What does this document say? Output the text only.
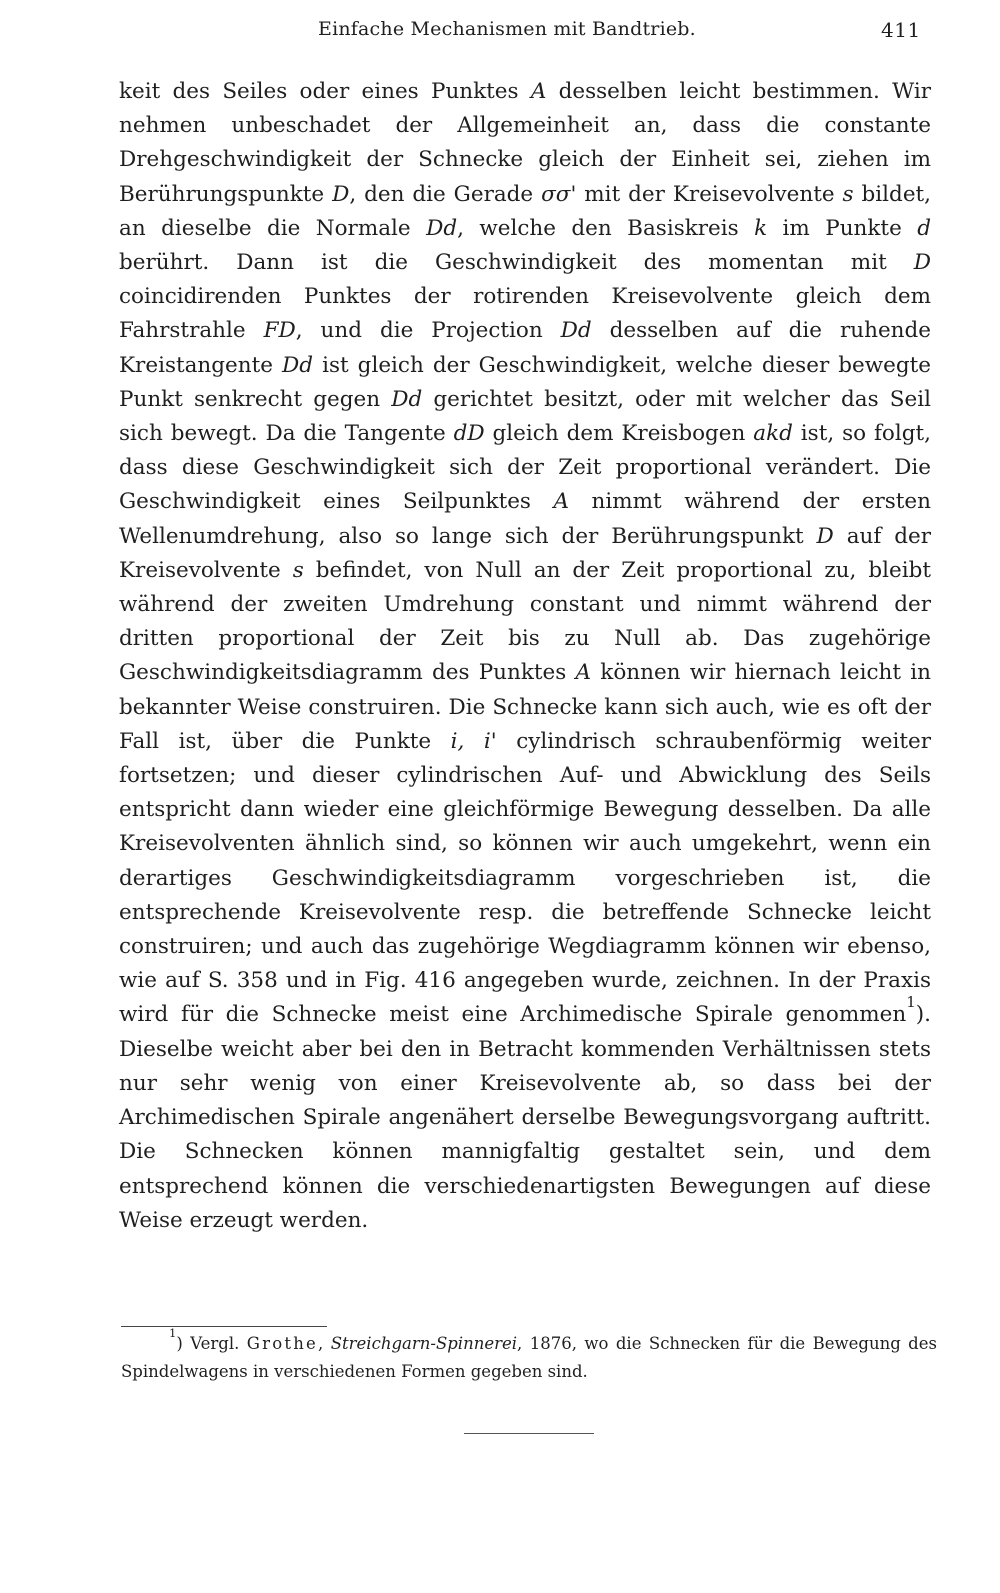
Einfache Mechanismen mit Bandtrieb.	411

keit des Seiles oder eines Punktes A desselben leicht bestimmen. Wir nehmen unbeschadet der Allgemeinheit an, dass die constante Drehgeschwindigkeit der Schnecke gleich der Einheit sei, ziehen im Berührungspunkte D, den die Gerade σσ' mit der Kreisevolvente s bildet, an dieselbe die Normale Dd, welche den Basiskreis k im Punkte d berührt. Dann ist die Geschwindigkeit des momentan mit D coincidirenden Punktes der rotirenden Kreisevolvente gleich dem Fahrstrahle FD, und die Projection Dd desselben auf die ruhende Kreistangente Dd ist gleich der Geschwindigkeit, welche dieser bewegte Punkt senkrecht gegen Dd gerichtet besitzt, oder mit welcher das Seil sich bewegt. Da die Tangente dD gleich dem Kreisbogen akd ist, so folgt, dass diese Geschwindigkeit sich der Zeit proportional verändert. Die Geschwindigkeit eines Seilpunktes A nimmt während der ersten Wellenumdrehung, also so lange sich der Berührungspunkt D auf der Kreisevolvente s befindet, von Null an der Zeit proportional zu, bleibt während der zweiten Umdrehung constant und nimmt während der dritten proportional der Zeit bis zu Null ab. Das zugehörige Geschwindigkeitsdiagramm des Punktes A können wir hiernach leicht in bekannter Weise construiren. Die Schnecke kann sich auch, wie es oft der Fall ist, über die Punkte i, i' cylindrisch schraubenförmig weiter fortsetzen; und dieser cylindrischen Auf- und Abwicklung des Seils entspricht dann wieder eine gleichförmige Bewegung desselben. Da alle Kreisevolventen ähnlich sind, so können wir auch umgekehrt, wenn ein derartiges Geschwindigkeitsdiagramm vorgeschrieben ist, die entsprechende Kreisevolvente resp. die betreffende Schnecke leicht construiren; und auch das zugehörige Wegdiagramm können wir ebenso, wie auf S. 358 und in Fig. 416 angegeben wurde, zeichnen. In der Praxis wird für die Schnecke meist eine Archimedische Spirale genommen$^1$). Dieselbe weicht aber bei den in Betracht kommenden Verhältnissen stets nur sehr wenig von einer Kreisevolvente ab, so dass bei der Archimedischen Spirale angenähert derselbe Bewegungsvorgang auftritt. Die Schnecken können mannigfaltig gestaltet sein, und dem entsprechend können die verschiedenartigsten Bewegungen auf diese Weise erzeugt werden.

$^1$) Vergl. Grothe, Streichgarn-Spinnerei, 1876, wo die Schnecken für die Bewegung des Spindelwagens in verschiedenen Formen gegeben sind.
